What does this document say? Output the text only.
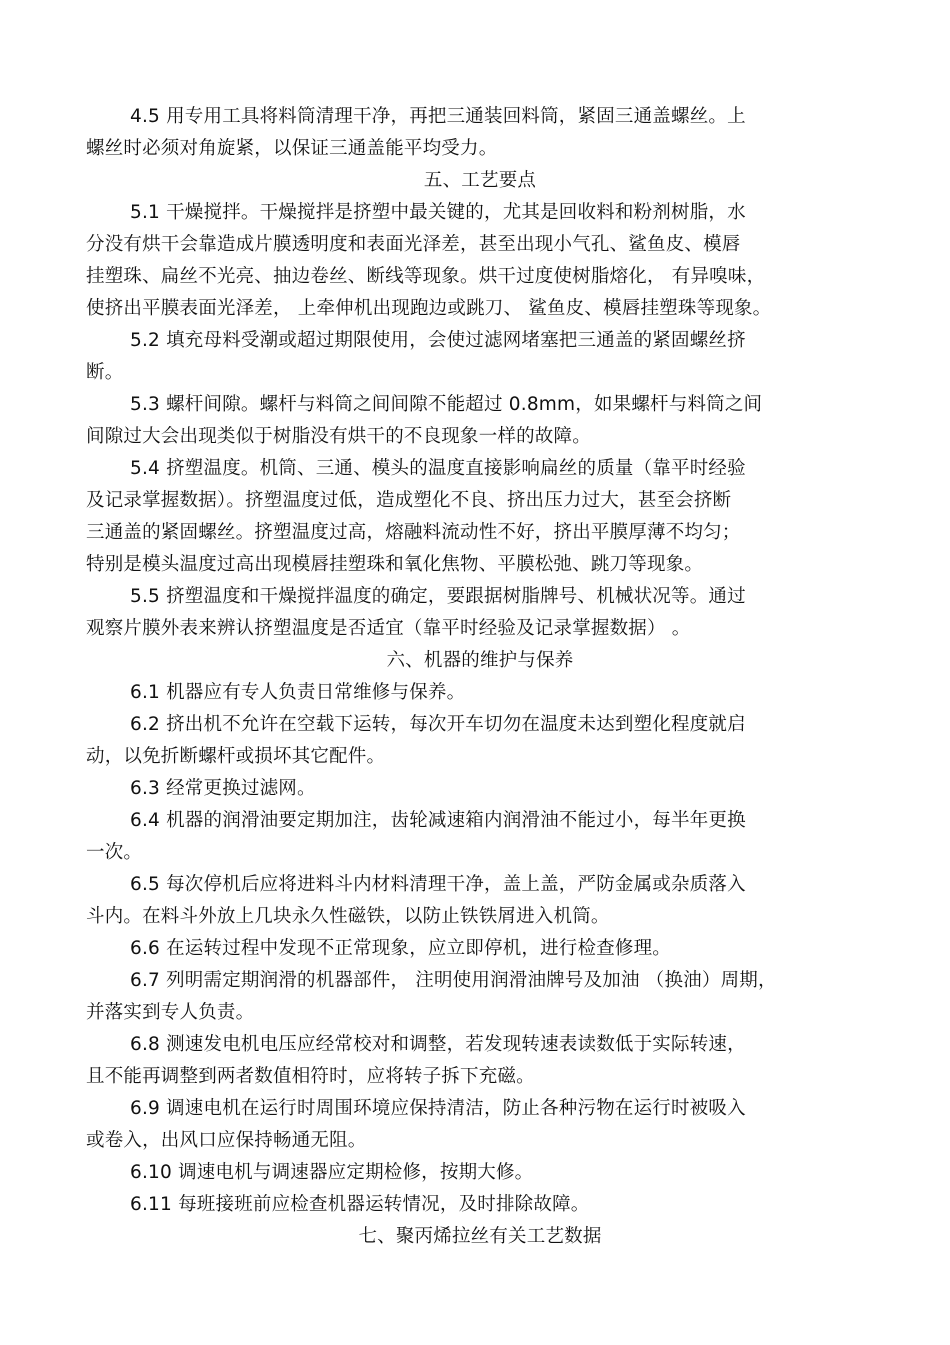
4.5 用专用工具将料筒清理干净，再把三通装回料筒，紧固三通盖螺丝。上
螺丝时必须对角旋紧，以保证三通盖能平均受力。
五、工艺要点
5.1 干燥搅拌。干燥搅拌是挤塑中最关键的，尤其是回收料和粉剂树脂，水
分没有烘干会靠造成片膜透明度和表面光泽差，甚至出现小气孔、鲨鱼皮、模唇
挂塑珠、扁丝不光亮、抽边卷丝、断线等现象。烘干过度使树脂熔化， 有异嗅味，
使挤出平膜表面光泽差， 上牵伸机出现跑边或跳刀、 鲨鱼皮、模唇挂塑珠等现象。
5.2 填充母料受潮或超过期限使用，会使过滤网堵塞把三通盖的紧固螺丝挤
断。
5.3 螺杆间隙。螺杆与料筒之间间隙不能超过 0.8mm，如果螺杆与料筒之间
间隙过大会出现类似于树脂没有烘干的不良现象一样的故障。
5.4 挤塑温度。机筒、三通、模头的温度直接影响扁丝的质量（靠平时经验
及记录掌握数据）。挤塑温度过低，造成塑化不良、挤出压力过大，甚至会挤断
三通盖的紧固螺丝。挤塑温度过高，熔融料流动性不好，挤出平膜厚薄不均匀；
特别是模头温度过高出现模唇挂塑珠和氧化焦物、平膜松弛、跳刀等现象。
5.5 挤塑温度和干燥搅拌温度的确定，要跟据树脂牌号、机械状况等。通过
观察片膜外表来辨认挤塑温度是否适宜（靠平时经验及记录掌握数据） 。
六、机器的维护与保养
6.1 机器应有专人负责日常维修与保养。
6.2 挤出机不允许在空载下运转，每次开车切勿在温度未达到塑化程度就启
动，以免折断螺杆或损坏其它配件。
6.3 经常更换过滤网。
6.4 机器的润滑油要定期加注，齿轮减速箱内润滑油不能过小，每半年更换
一次。
6.5 每次停机后应将进料斗内材料清理干净，盖上盖，严防金属或杂质落入
斗内。在料斗外放上几块永久性磁铁，以防止铁铁屑进入机筒。
6.6 在运转过程中发现不正常现象，应立即停机，进行检查修理。
6.7 列明需定期润滑的机器部件， 注明使用润滑油牌号及加油 （换油）周期，
并落实到专人负责。
6.8 测速发电机电压应经常校对和调整，若发现转速表读数低于实际转速，
且不能再调整到两者数值相符时，应将转子拆下充磁。
6.9 调速电机在运行时周围环境应保持清洁，防止各种污物在运行时被吸入
或卷入，出风口应保持畅通无阻。
6.10 调速电机与调速器应定期检修，按期大修。
6.11 每班接班前应检查机器运转情况，及时排除故障。
七、聚丙烯拉丝有关工艺数据
